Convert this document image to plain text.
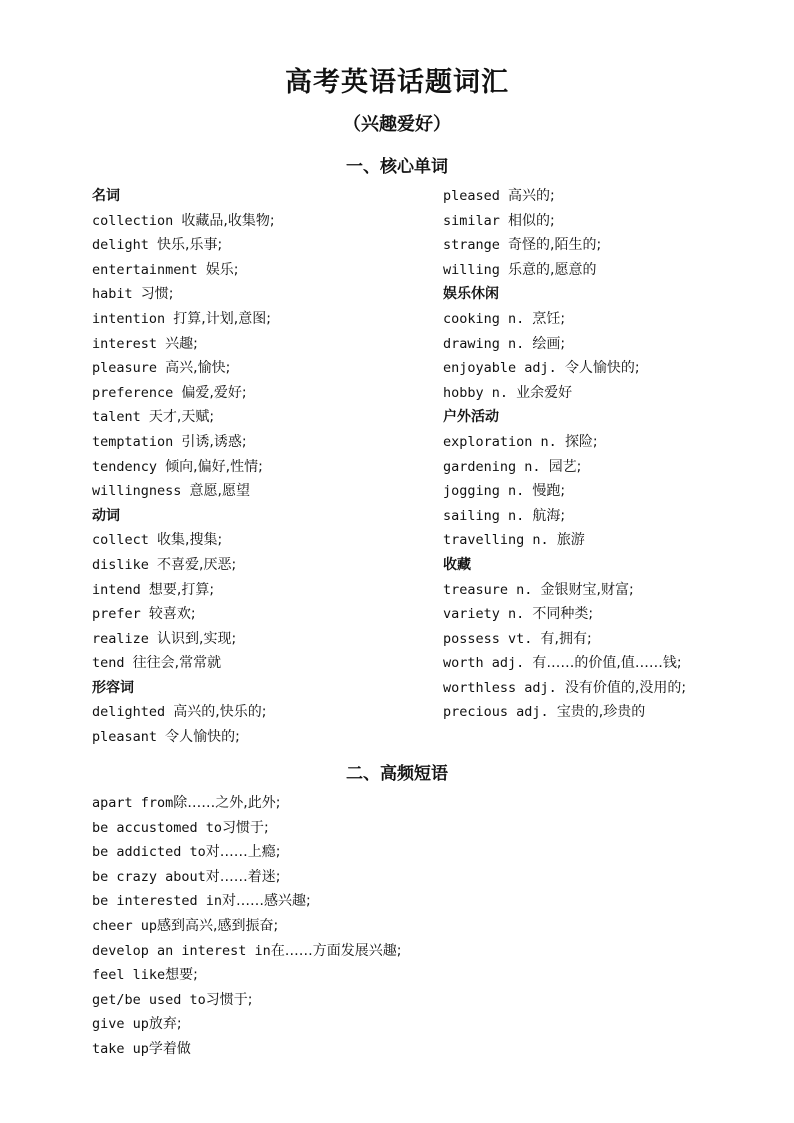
高考英语话题词汇
（兴趣爱好）
一、核心单词
名词
collection 收藏品,收集物;
delight 快乐,乐事;
entertainment 娱乐;
habit 习惯;
intention 打算,计划,意图;
interest 兴趣;
pleasure 高兴,愉快;
preference 偏爱,爱好;
talent 天才,天赋;
temptation 引诱,诱惑;
tendency 倾向,偏好,性情;
willingness 意愿,愿望
动词
collect 收集,搜集;
dislike 不喜爱,厌恶;
intend 想要,打算;
prefer 较喜欢;
realize 认识到,实现;
tend 往往会,常常就
形容词
delighted 高兴的,快乐的;
pleasant 令人愉快的;
pleased 高兴的;
similar 相似的;
strange 奇怪的,陌生的;
willing 乐意的,愿意的
娱乐休闲
cooking n. 烹饪;
drawing n. 绘画;
enjoyable adj. 令人愉快的;
hobby n. 业余爱好
户外活动
exploration n. 探险;
gardening n. 园艺;
jogging n. 慢跑;
sailing n. 航海;
travelling n. 旅游
收藏
treasure n. 金银财宝,财富;
variety n. 不同种类;
possess vt. 有,拥有;
worth adj. 有……的价值,值……钱;
worthless adj. 没有价值的,没用的;
precious adj. 宝贵的,珍贵的
二、高频短语
apart from除……之外,此外;
be accustomed to习惯于;
be addicted to对……上瘾;
be crazy about对……着迷;
be interested in对……感兴趣;
cheer up感到高兴,感到振奋;
develop an interest in在……方面发展兴趣;
feel like想要;
get/be used to习惯于;
give up放弃;
take up学着做
